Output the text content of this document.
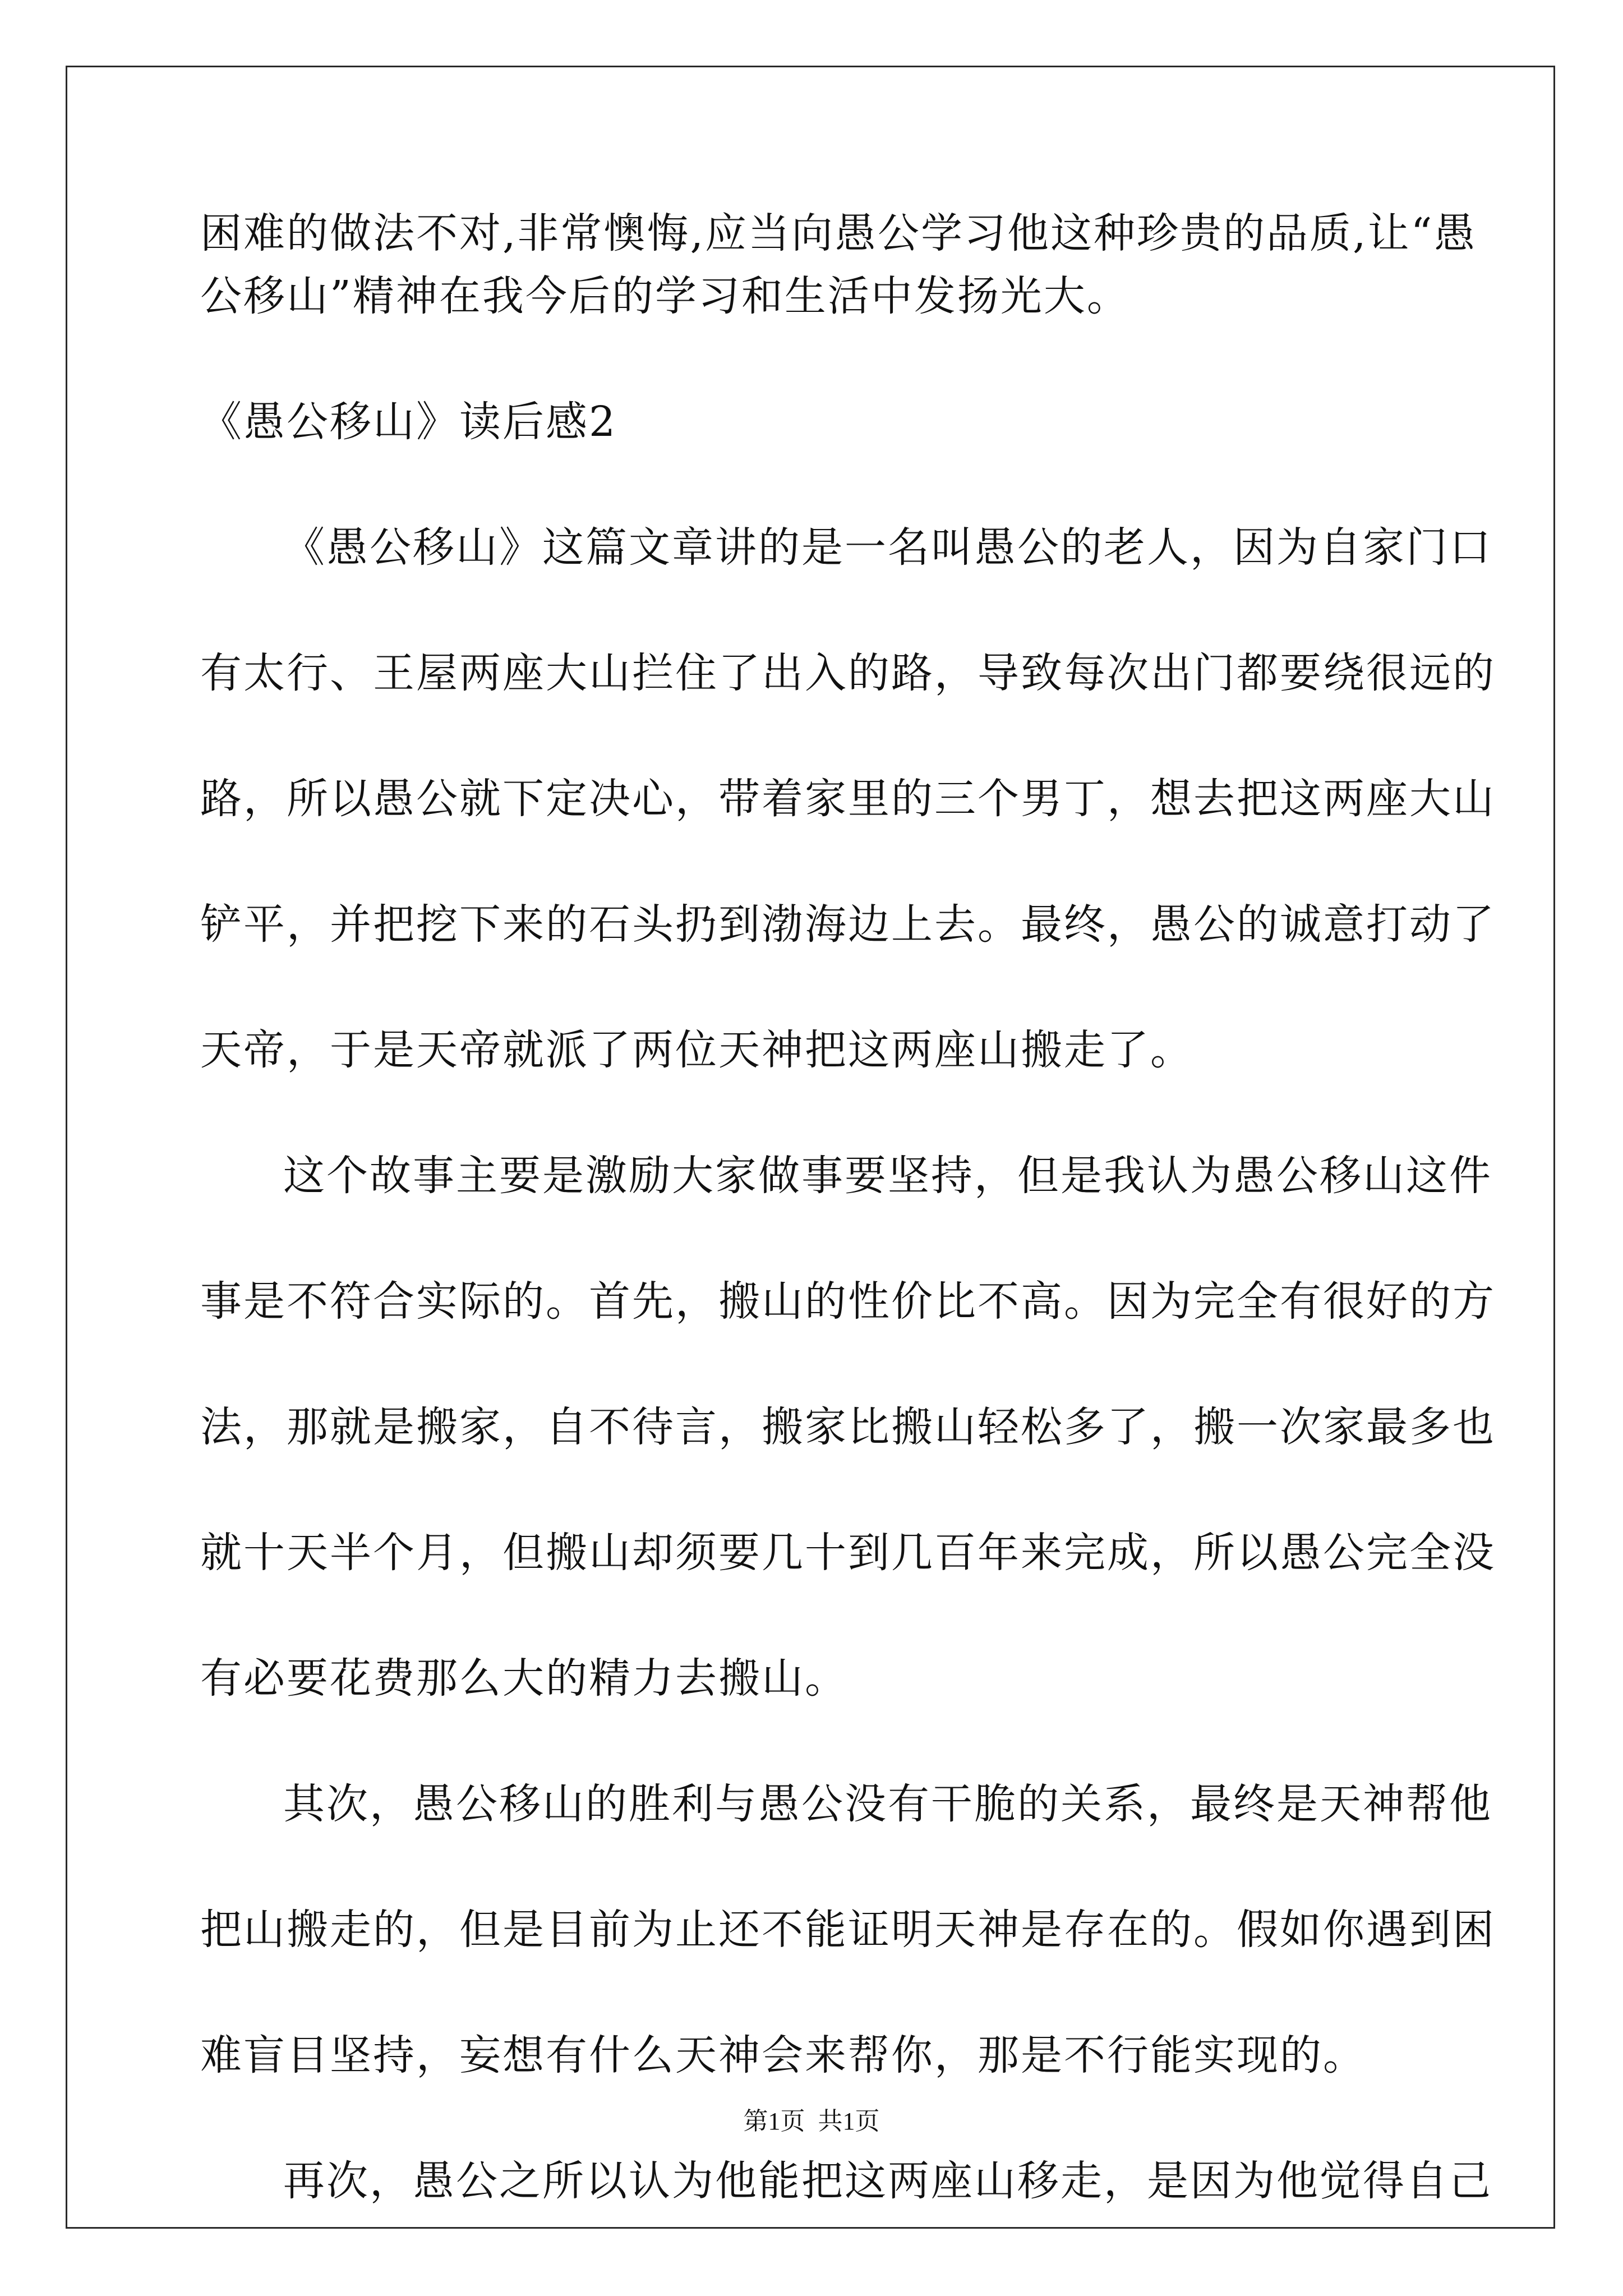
困难的做法不对,非常懊悔,应当向愚公学习他这种珍贵的品质,让“愚
公移山”精神在我今后的学习和生活中发扬光大。
《愚公移山》读后感2
《愚公移山》这篇文章讲的是一名叫愚公的老人，因为自家门口
有太行、王屋两座大山拦住了出入的路，导致每次出门都要绕很远的
路，所以愚公就下定决心，带着家里的三个男丁，想去把这两座大山
铲平，并把挖下来的石头扔到渤海边上去。最终，愚公的诚意打动了
天帝，于是天帝就派了两位天神把这两座山搬走了。
这个故事主要是激励大家做事要坚持，但是我认为愚公移山这件
事是不符合实际的。首先，搬山的性价比不高。因为完全有很好的方
法，那就是搬家，自不待言，搬家比搬山轻松多了，搬一次家最多也
就十天半个月，但搬山却须要几十到几百年来完成，所以愚公完全没
有必要花费那么大的精力去搬山。
其次，愚公移山的胜利与愚公没有干脆的关系，最终是天神帮他
把山搬走的，但是目前为止还不能证明天神是存在的。假如你遇到困
难盲目坚持，妄想有什么天神会来帮你，那是不行能实现的。
再次，愚公之所以认为他能把这两座山移走，是因为他觉得自己
第1页 共1页
